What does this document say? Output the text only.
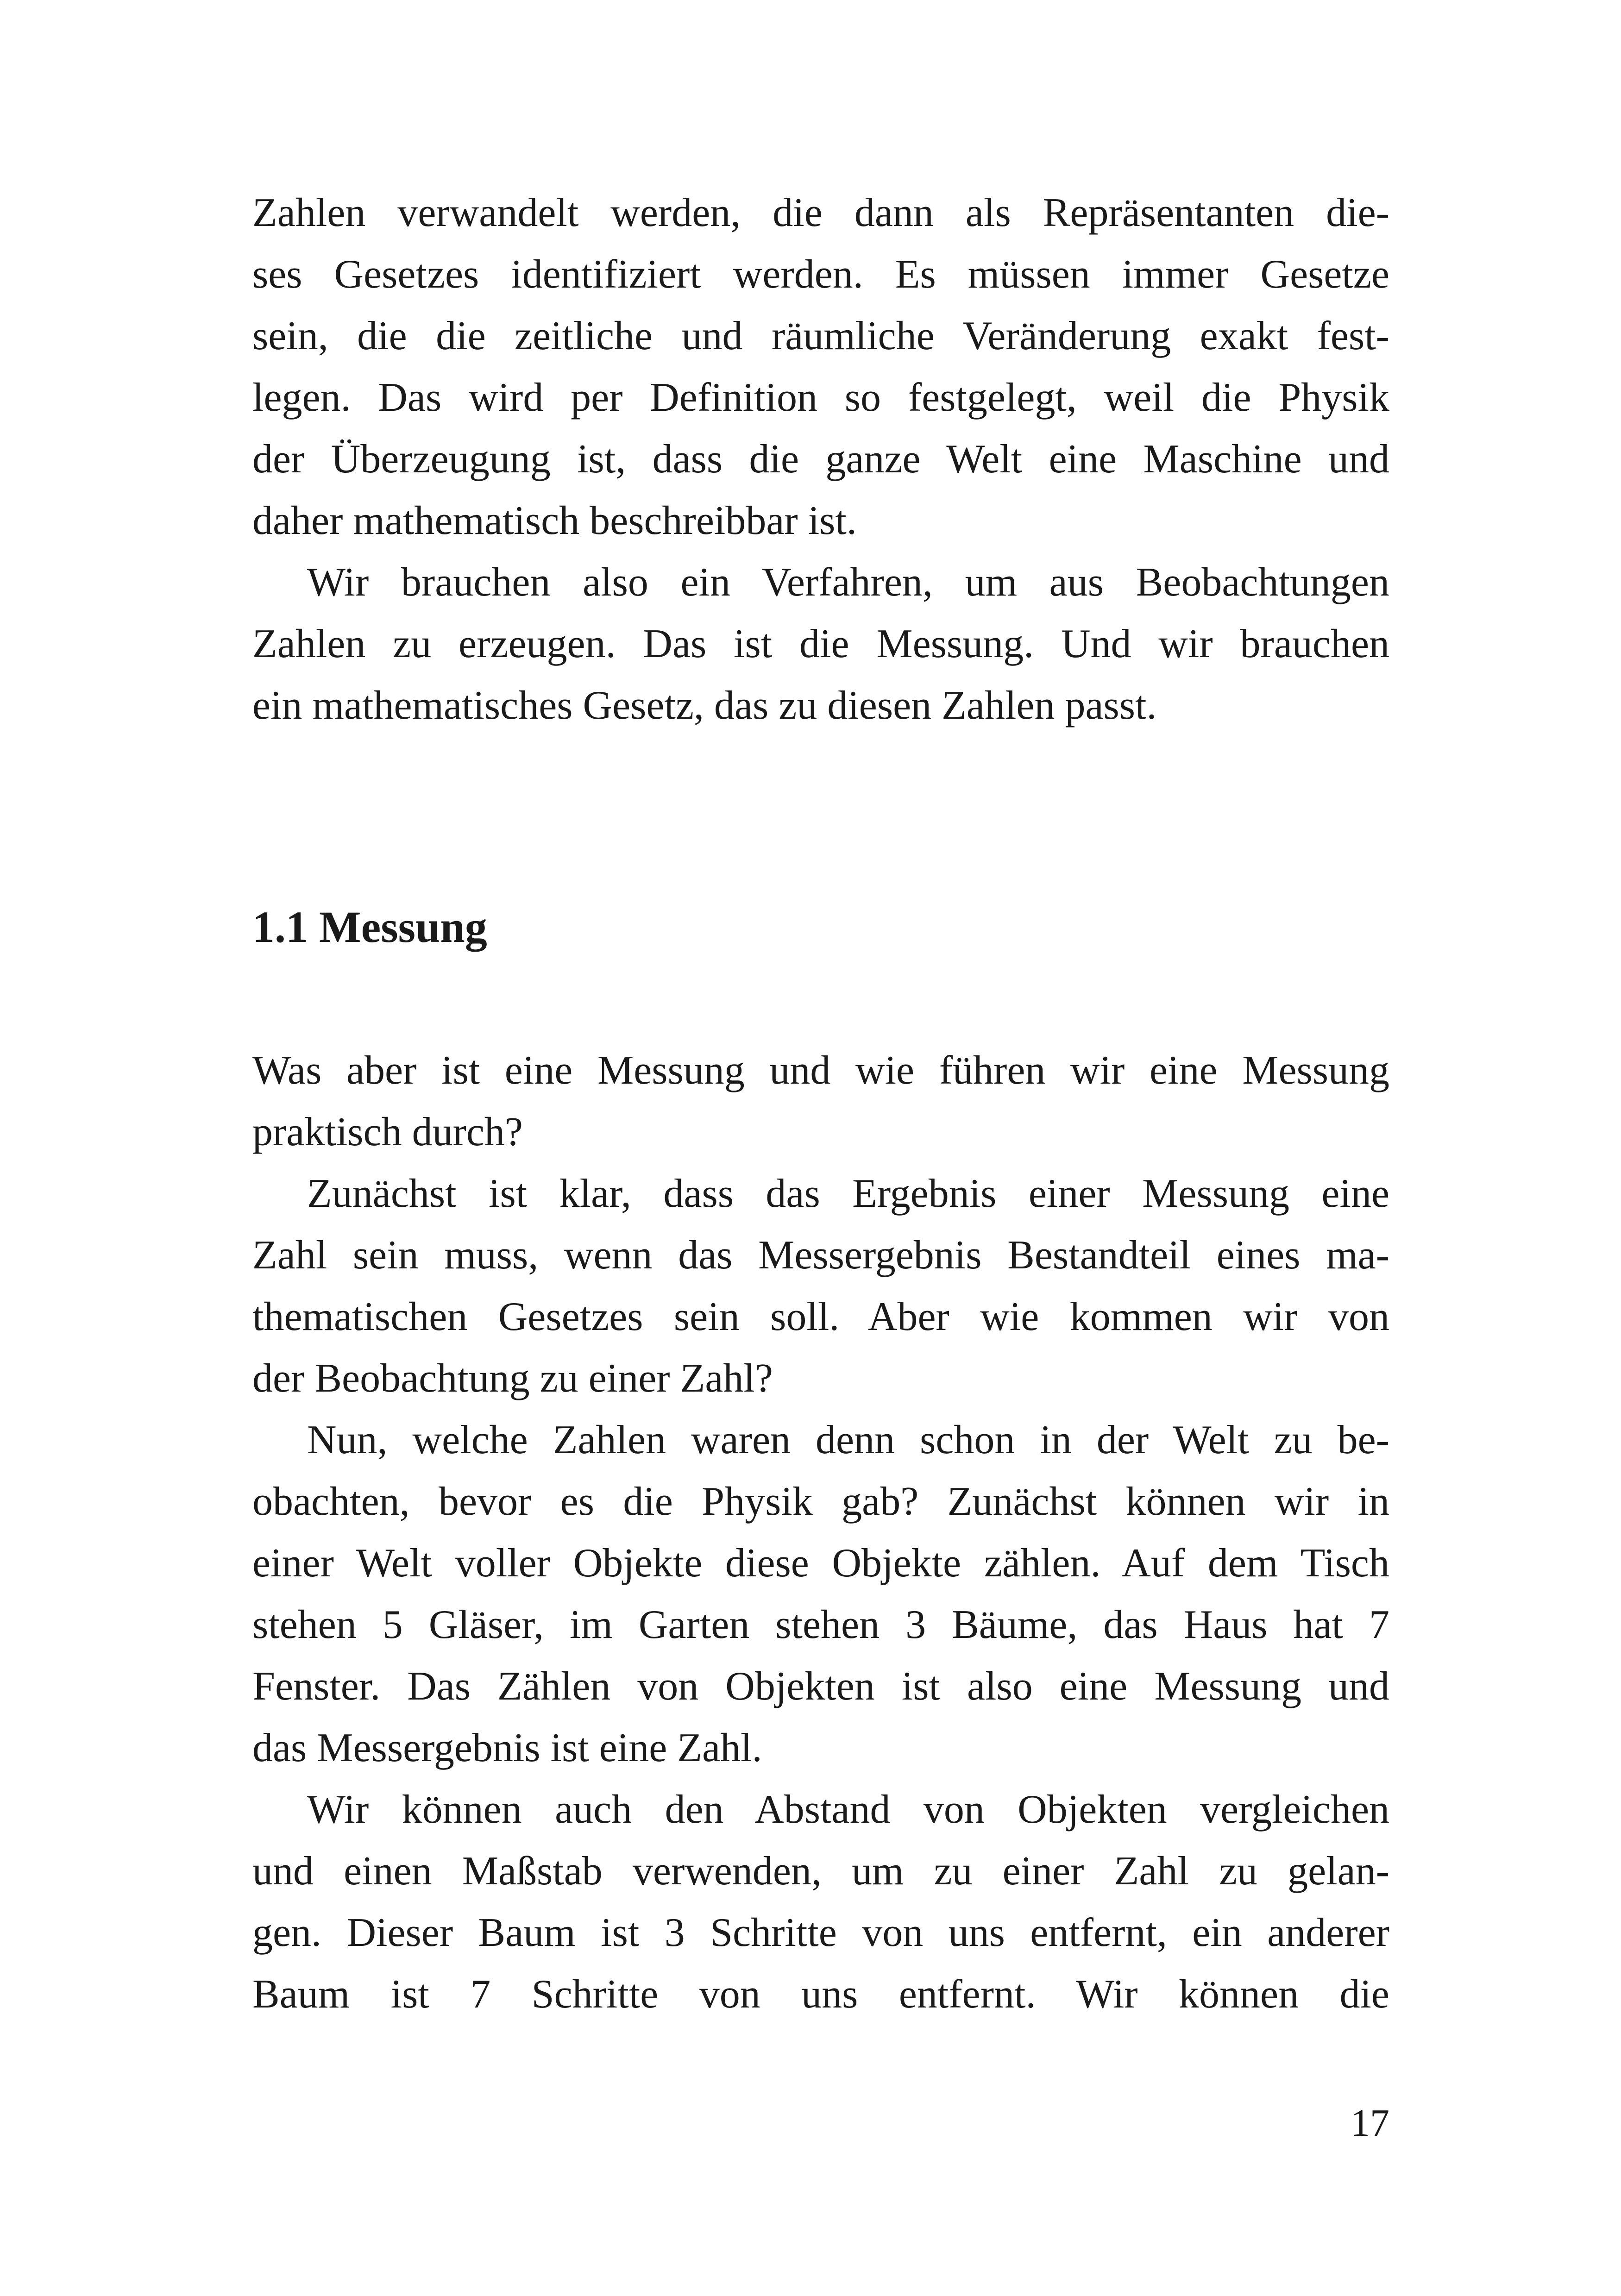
Zahlen verwandelt werden, die dann als Repräsentanten die-
ses Gesetzes identifiziert werden. Es müssen immer Gesetze
sein, die die zeitliche und räumliche Veränderung exakt fest-
legen. Das wird per Definition so festgelegt, weil die Physik
der Überzeugung ist, dass die ganze Welt eine Maschine und
daher mathematisch beschreibbar ist.
Wir brauchen also ein Verfahren, um aus Beobachtungen
Zahlen zu erzeugen. Das ist die Messung. Und wir brauchen
ein mathematisches Gesetz, das zu diesen Zahlen passt.
1.1 Messung
Was aber ist eine Messung und wie führen wir eine Messung
praktisch durch?
Zunächst ist klar, dass das Ergebnis einer Messung eine
Zahl sein muss, wenn das Messergebnis Bestandteil eines ma-
thematischen Gesetzes sein soll. Aber wie kommen wir von
der Beobachtung zu einer Zahl?
Nun, welche Zahlen waren denn schon in der Welt zu be-
obachten, bevor es die Physik gab? Zunächst können wir in
einer Welt voller Objekte diese Objekte zählen. Auf dem Tisch
stehen 5 Gläser, im Garten stehen 3 Bäume, das Haus hat 7
Fenster. Das Zählen von Objekten ist also eine Messung und
das Messergebnis ist eine Zahl.
Wir können auch den Abstand von Objekten vergleichen
und einen Maßstab verwenden, um zu einer Zahl zu gelan-
gen. Dieser Baum ist 3 Schritte von uns entfernt, ein anderer
Baum ist 7 Schritte von uns entfernt. Wir können die
17
